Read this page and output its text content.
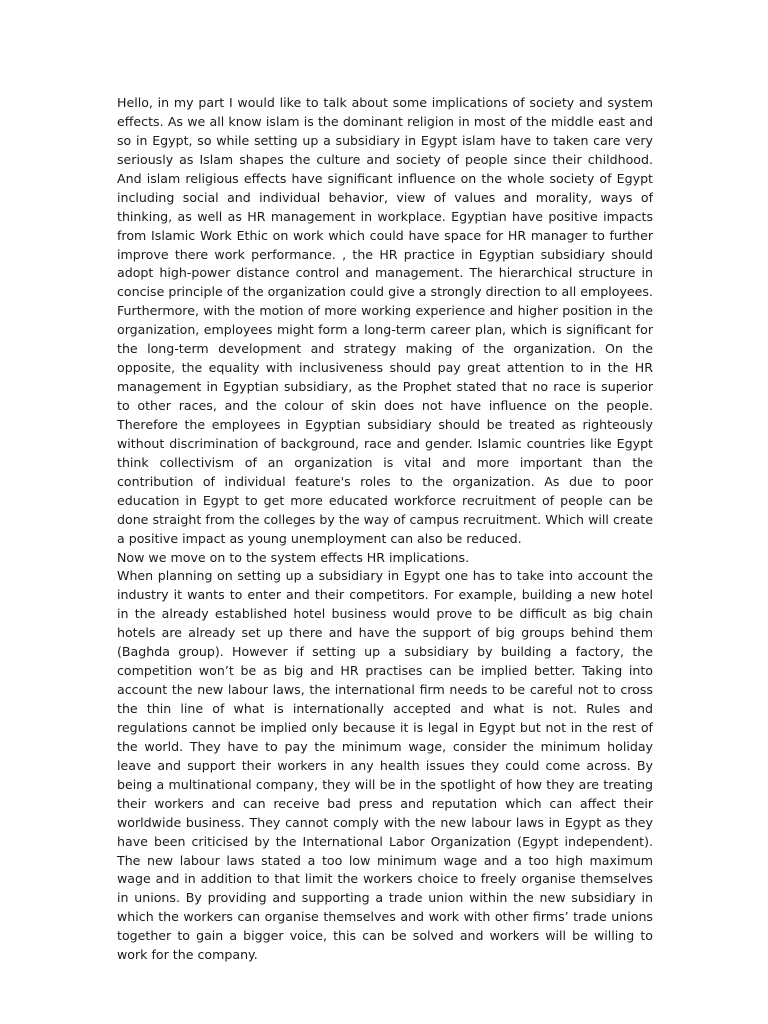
Hello, in my part I would like to talk about some implications of society and system effects. As we all know islam is the dominant religion in most of the middle east and so in Egypt, so while setting up a subsidiary in Egypt islam have to taken care very seriously as Islam shapes the culture and society of people since their childhood. And islam religious effects have significant influence on the whole society of Egypt including social and individual behavior, view of values and morality, ways of thinking, as well as HR management in workplace. Egyptian have positive impacts from Islamic Work Ethic on work which could have space for HR manager to further improve there work performance. , the HR practice in Egyptian subsidiary should adopt high-power distance control and management. The hierarchical structure in concise principle of the organization could give a strongly direction to all employees. Furthermore, with the motion of more working experience and higher position in the organization, employees might form a long-term career plan, which is significant for the long-term development and strategy making of the organization. On the opposite, the equality with inclusiveness should pay great attention to in the HR management in Egyptian subsidiary, as the Prophet stated that no race is superior to other races, and the colour of skin does not have influence on the people. Therefore the employees in Egyptian subsidiary should be treated as righteously without discrimination of background, race and gender. Islamic countries like Egypt think collectivism of an organization is vital and more important than the contribution of individual feature's roles to the organization. As due to poor education in Egypt to get more educated workforce recruitment of people can be done straight from the colleges by the way of campus recruitment. Which will create a positive impact as young unemployment can also be reduced.

Now we move on to the system effects HR implications.

When planning on setting up a subsidiary in Egypt one has to take into account the industry it wants to enter and their competitors. For example, building a new hotel in the already established hotel business would prove to be difficult as big chain hotels are already set up there and have the support of big groups behind them (Baghda group). However if setting up a subsidiary by building a factory, the competition won’t be as big and HR practises can be implied better. Taking into account the new labour laws, the international firm needs to be careful not to cross the thin line of what is internationally accepted and what is not. Rules and regulations cannot be implied only because it is legal in Egypt but not in the rest of the world. They have to pay the minimum wage, consider the minimum holiday leave and support their workers in any health issues they could come across. By being a multinational company, they will be in the spotlight of how they are treating their workers and can receive bad press and reputation which can affect their worldwide business. They cannot comply with the new labour laws in Egypt as they have been criticised by the International Labor Organization (Egypt independent). The new labour laws stated a too low minimum wage and a too high maximum wage and in addition to that limit the workers choice to freely organise themselves in unions. By providing and supporting a trade union within the new subsidiary in which the workers can organise themselves and work with other firms’ trade unions together to gain a bigger voice, this can be solved and workers will be willing to work for the company.
